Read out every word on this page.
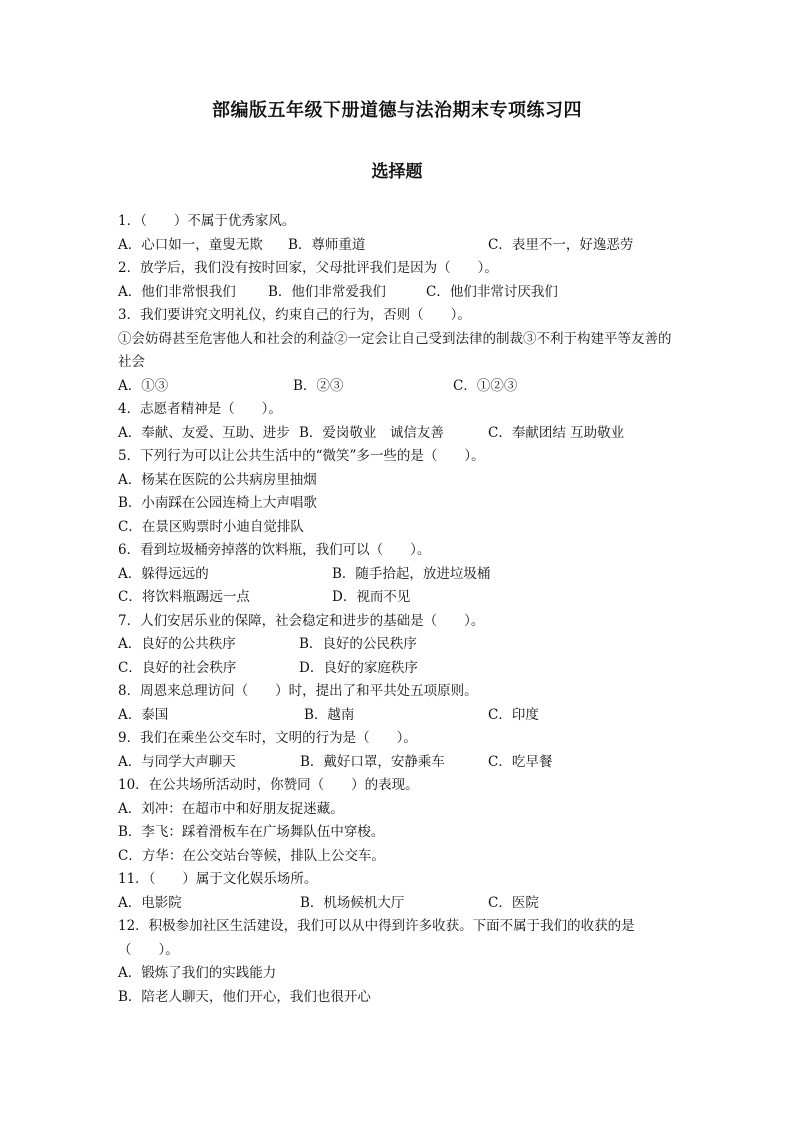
部编版五年级下册道德与法治期末专项练习四
选择题
1．（　　）不属于优秀家风。
A．心口如一，童叟无欺	B．尊师重道	C．表里不一，好逸恶劳
2．放学后，我们没有按时回家，父母批评我们是因为（　　）。
A．他们非常恨我们	B．他们非常爱我们	C．他们非常讨厌我们
3．我们要讲究文明礼仪，约束自己的行为，否则（　　）。
①会妨碍甚至危害他人和社会的利益②一定会让自己受到法律的制裁③不利于构建平等友善的社会
A．①③	B．②③	C．①②③
4．志愿者精神是（　　）。
A．奉献、友爱、互助、进步 B．爱岗敬业　诚信友善	C．奉献团结 互助敬业
5．下列行为可以让公共生活中的“微笑”多一些的是（　　）。
A．杨某在医院的公共病房里抽烟
B．小南踩在公园连椅上大声唱歌
C．在景区购票时小迪自觉排队
6．看到垃圾桶旁掉落的饮料瓶，我们可以（　　）。
A．躲得远远的	B．随手拾起，放进垃圾桶
C．将饮料瓶踢远一点	D．视而不见
7．人们安居乐业的保障，社会稳定和进步的基础是（　　）。
A．良好的公共秩序	B．良好的公民秩序
C．良好的社会秩序	D．良好的家庭秩序
8．周恩来总理访问（　　）时，提出了和平共处五项原则。
A．泰国	B．越南	C．印度
9．我们在乘坐公交车时，文明的行为是（　　）。
A．与同学大声聊天	B．戴好口罩，安静乘车	C．吃早餐
10．在公共场所活动时，你赞同（　　）的表现。
A．刘冲：在超市中和好朋友捉迷藏。
B．李飞：踩着滑板车在广场舞队伍中穿梭。
C．方华：在公交站台等候，排队上公交车。
11．（　　）属于文化娱乐场所。
A．电影院	B．机场候机大厅	C．医院
12．积极参加社区生活建设，我们可以从中得到许多收获。下面不属于我们的收获的是（　　）。
A．锻炼了我们的实践能力
B．陪老人聊天，他们开心，我们也很开心
